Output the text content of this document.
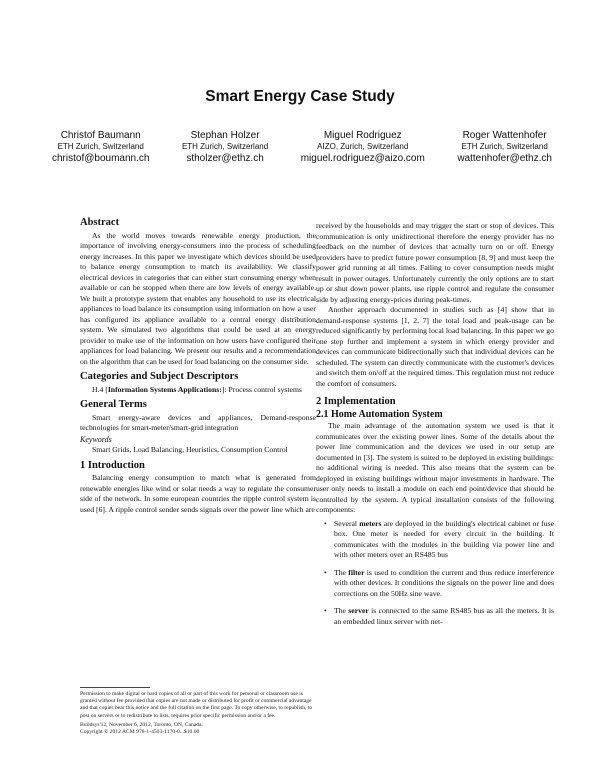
Smart Energy Case Study
Christof Baumann
ETH Zurich, Switzerland
christof@boumann.ch
Stephan Holzer
ETH Zurich, Switzerland
stholzer@ethz.ch
Miguel Rodriguez
AIZO, Zurich, Switzerland
miguel.rodriguez@aizo.com
Roger Wattenhofer
ETH Zurich, Switzerland
wattenhofer@ethz.ch
Abstract

As the world moves towards renewable energy production, the importance of involving energy-consumers into the process of scheduling energy increases. In this paper we investigate which devices should be used to balance energy consumption to match its availability. We classify electrical devices in categories that can either start consuming energy when available or can be stopped when there are low levels of energy available. We built a prototype system that enables any household to use its electrical appliances to load balance its consumption using information on how a user has configured its appliance available to a central energy distribution system. We simulated two algorithms that could be used at an energy provider to make use of the information on how users have configured their appliances for load balancing. We present our results and a recommendation on the algorithm that can be used for load balancing on the consumer side.

Categories and Subject Descriptors

H.4 [Information Systems Applications:]: Process control systems

General Terms

Smart energy-aware devices and appliances, Demand-response technologies for smart-meter/smart-grid integration

Keywords

Smart Grids, Load Balancing, Heuristics, Consumption Control

1 Introduction

Balancing energy consumption to match what is generated from renewable energies like wind or solar needs a way to regulate the consumer side of the network. In some european countries the ripple control system is used [6]. A ripple control sender sends signals over the power line which are

Permission to make digital or hard copies of all or part of this work for personal or classroom use is granted without fee provided that copies are not made or distributed for profit or commercial advantage and that copies bear this notice and the full citation on the first page. To copy otherwise, to republish, to post on servers or to redistribute to lists, requires prior specific permission and/or a fee.
Buildsys'12, November 6, 2012, Toronto, ON, Canada.
Copyright © 2012 ACM 978-1-4503-1170-0...$10.00

received by the households and may trigger the start or stop of devices. This communication is only unidirectional therefore the energy provider has no feedback on the number of devices that actually turn on or off. Energy providers have to predict future power consumption [8, 9] and must keep the power grid running at all times. Failing to cover consumption needs might result in power outages. Unfortunately currently the only options are to start up or shut down power plants, use ripple control and regulate the consumer side by adjusting energy-prices during peak-times.

Another approach documented in studies such as [4] show that in demand-response systems [1, 2, 7] the total load and peak-usage can be reduced significantly by performing local load balancing. In this paper we go one step further and implement a system in which energy provider and devices can communicate bidirectionally such that individual devices can be scheduled. The system can directly communicate with the customer's devices and switch them on/off at the required times. This regulation must not reduce the comfort of consumers.

2 Implementation
2.1 Home Automation System

The main advantage of the automation system we used is that it communicates over the existing power lines. Some of the details about the power line communication and the devices we used in our setup are documented in [3]. The system is suited to be deployed in existing buildings: no additional wiring is needed. This also means that the system can be deployed in existing buildings without major investments in hardware. The user only needs to install a module on each end point/device that should be controlled by the system. A typical installation consists of the following components:

• Several meters are deployed in the building's electrical cabinet or fuse box. One meter is needed for every circuit in the building. It communicates with the modules in the building via power line and with other meters over an RS485 bus
• The filter is used to condition the current and thus reduce interference with other devices. It conditions the signals on the power line and does corrections on the 50Hz sine wave.
• The server is connected to the same RS485 bus as all the meters. It is an embedded linux server with net-
